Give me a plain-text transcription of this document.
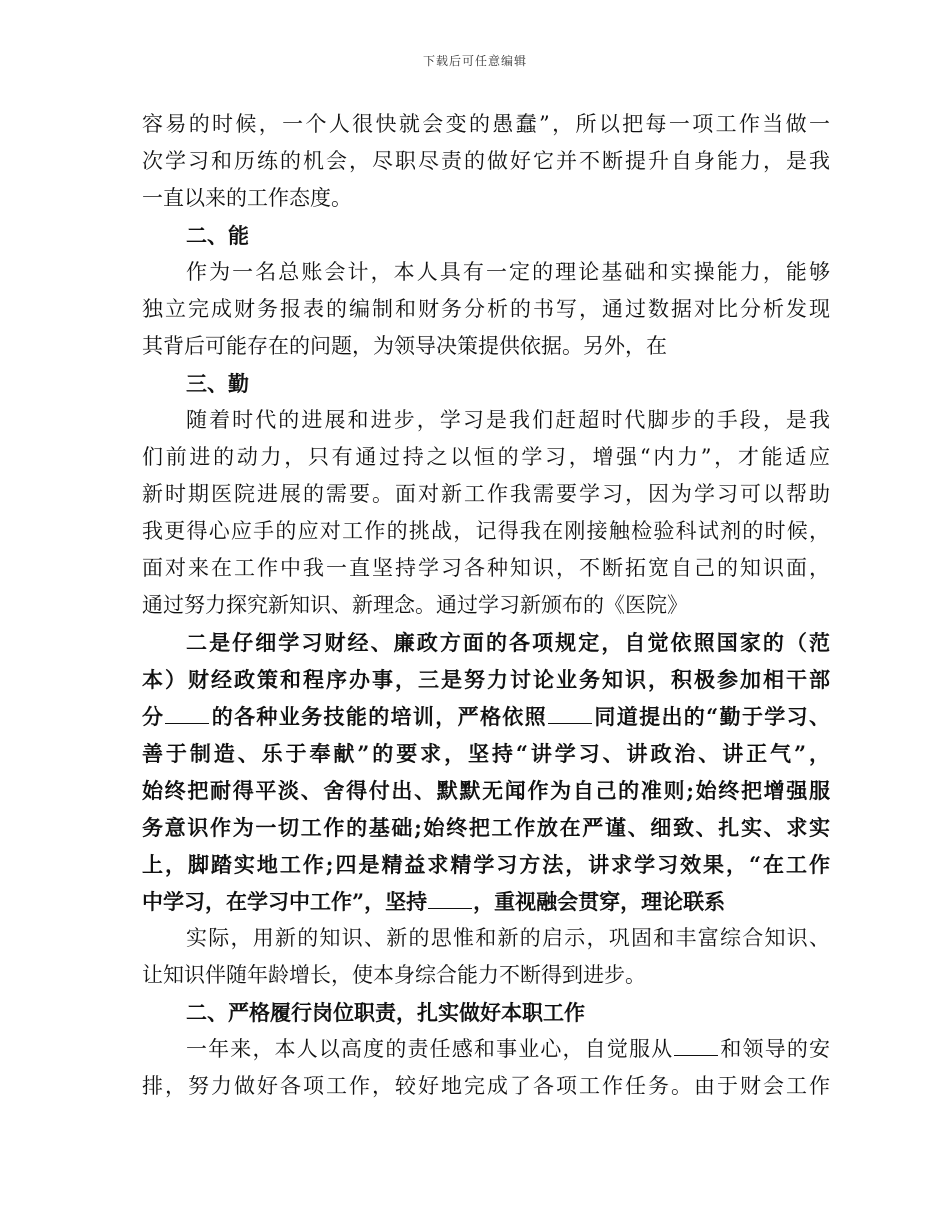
下载后可任意编辑
容易的时候，一个人很快就会变的愚蠢”，所以把每一项工作当做一
次学习和历练的机会，尽职尽责的做好它并不断提升自身能力，是我
一直以来的工作态度。
二、能
作为一名总账会计，本人具有一定的理论基础和实操能力，能够
独立完成财务报表的编制和财务分析的书写，通过数据对比分析发现
其背后可能存在的问题，为领导决策提供依据。另外，在
三、勤
随着时代的进展和进步，学习是我们赶超时代脚步的手段，是我
们前进的动力，只有通过持之以恒的学习，增强“内力”，才能适应
新时期医院进展的需要。面对新工作我需要学习，因为学习可以帮助
我更得心应手的应对工作的挑战，记得我在刚接触检验科试剂的时候，
面对来在工作中我一直坚持学习各种知识，不断拓宽自己的知识面，
通过努力探究新知识、新理念。通过学习新颁布的《医院》
二是仔细学习财经、廉政方面的各项规定，自觉依照国家的（范
本）财经政策和程序办事，三是努力讨论业务知识，积极参加相干部
分 的各种业务技能的培训，严格依照 同道提出的“勤于学习、
善于制造、乐于奉献”的要求，坚持“讲学习、讲政治、讲正气”，
始终把耐得平淡、舍得付出、默默无闻作为自己的准则;始终把增强服
务意识作为一切工作的基础;始终把工作放在严谨、细致、扎实、求实
上，脚踏实地工作;四是精益求精学习方法，讲求学习效果，“在工作
中学习，在学习中工作”，坚持 ，重视融会贯穿，理论联系
实际，用新的知识、新的思惟和新的启示，巩固和丰富综合知识、
让知识伴随年龄增长，使本身综合能力不断得到进步。
二、严格履行岗位职责，扎实做好本职工作
一年来，本人以高度的责任感和事业心，自觉服从 和领导的安
排，努力做好各项工作，较好地完成了各项工作任务。由于财会工作
